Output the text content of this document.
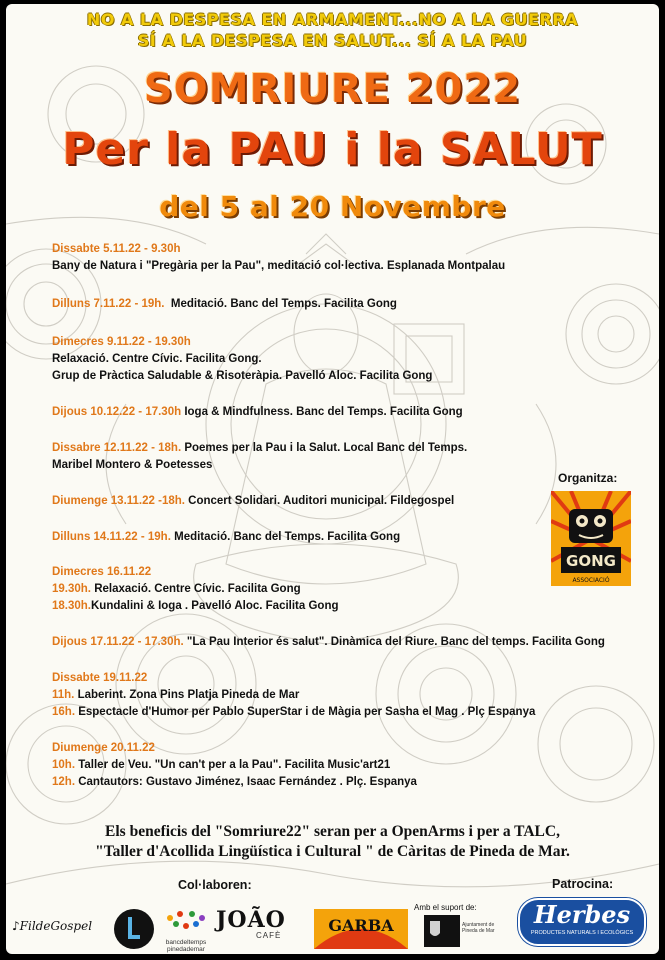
NO A LA DESPESA EN ARMAMENT...NO A LA GUERRA
SÍ A LA DESPESA EN SALUT... SÍ A LA PAU
SOMRIURE 2022
Per la PAU i la SALUT
del 5 al 20 Novembre
Dissabte 5.11.22 - 9.30h
Bany de Natura i "Pregària per la Pau", meditació col·lectiva. Esplanada Montpalau
Dilluns 7.11.22 - 19h. Meditació. Banc del Temps. Facilita Gong
Dimecres 9.11.22 - 19.30h
Relaxació. Centre Cívic. Facilita Gong.
Grup de Pràctica Saludable & Risoteràpia. Pavelló Aloc. Facilita Gong
Dijous 10.12.22 - 17.30h Ioga & Mindfulness. Banc del Temps. Facilita Gong
Dissabre 12.11.22 - 18h. Poemes per la Pau i la Salut. Local Banc del Temps.
Maribel Montero & Poetesses
Diumenge 13.11.22 -18h. Concert Solidari. Auditori municipal. Fildegospel
Dilluns 14.11.22 - 19h. Meditació. Banc del Temps. Facilita Gong
Dimecres 16.11.22
19.30h. Relaxació. Centre Cívic. Facilita Gong
18.30h.Kundalini & Ioga . Pavelló Aloc. Facilita Gong
Dijous 17.11.22 - 17.30h. "La Pau Interior és salut". Dinàmica del Riure. Banc del temps. Facilita Gong
Dissabte 19.11.22
11h. Laberint. Zona Pins Platja Pineda de Mar
16h. Espectacle d'Humor per Pablo SuperStar i de Màgia per Sasha el Mag . Plç Espanya
Diumenge 20.11.22
10h. Taller de Veu. "Un can't per a la Pau". Facilita Music'art21
12h. Cantautors: Gustavo Jiménez, Isaac Fernández . Plç. Espanya
Organitza:
GONG
ASSOCIACIÓ
Els beneficis del "Somriure22" seran per a OpenArms i per a TALC,
"Taller d'Acollida Lingüística i Cultural " de Càritas de Pineda de Mar.
Col·laboren:
Amb el suport de:
Patrocina:
♪FildeGospel
bancdeltemps pinedademar
JOÃO
CAFÈ
GARBA	Ajuntament de Pineda de Mar
Herbes
PRODUCTES NATURALS I ECOLÒGICS
